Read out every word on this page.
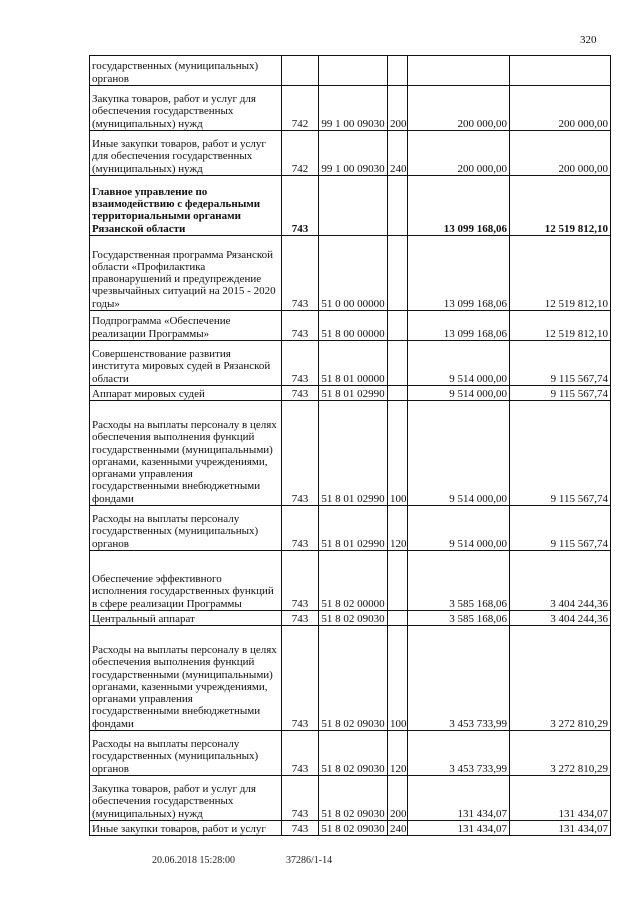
320
государственных (муниципальных) органов					
Закупка товаров, работ и услуг для обеспечения государственных (муниципальных) нужд	742	99 1 00 09030	200	200 000,00	200 000,00
Иные закупки товаров, работ и услуг для обеспечения государственных (муниципальных) нужд	742	99 1 00 09030	240	200 000,00	200 000,00
Главное управление по взаимодействию с федеральными территориальными органами Рязанской области	743			13 099 168,06	12 519 812,10
Государственная программа Рязанской области «Профилактика правонарушений и предупреждение чрезвычайных ситуаций на 2015 - 2020 годы»	743	51 0 00 00000		13 099 168,06	12 519 812,10
Подпрограмма «Обеспечение реализации Программы»	743	51 8 00 00000		13 099 168,06	12 519 812,10
Совершенствование развития института мировых судей в Рязанской области	743	51 8 01 00000		9 514 000,00	9 115 567,74
Аппарат мировых судей	743	51 8 01 02990		9 514 000,00	9 115 567,74
Расходы на выплаты персоналу в целях обеспечения выполнения функций государственными (муниципальными) органами, казенными учреждениями, органами управления государственными внебюджетными фондами	743	51 8 01 02990	100	9 514 000,00	9 115 567,74
Расходы на выплаты персоналу государственных (муниципальных) органов	743	51 8 01 02990	120	9 514 000,00	9 115 567,74
Обеспечение эффективного исполнения государственных функций в сфере реализации Программы	743	51 8 02 00000		3 585 168,06	3 404 244,36
Центральный аппарат	743	51 8 02 09030		3 585 168,06	3 404 244,36
Расходы на выплаты персоналу в целях обеспечения выполнения функций государственными (муниципальными) органами, казенными учреждениями, органами управления государственными внебюджетными фондами	743	51 8 02 09030	100	3 453 733,99	3 272 810,29
Расходы на выплаты персоналу государственных (муниципальных) органов	743	51 8 02 09030	120	3 453 733,99	3 272 810,29
Закупка товаров, работ и услуг для обеспечения государственных (муниципальных) нужд	743	51 8 02 09030	200	131 434,07	131 434,07
Иные закупки товаров, работ и услуг	743	51 8 02 09030	240	131 434,07	131 434,07
20.06.2018 15:28:00	37286/1-14
